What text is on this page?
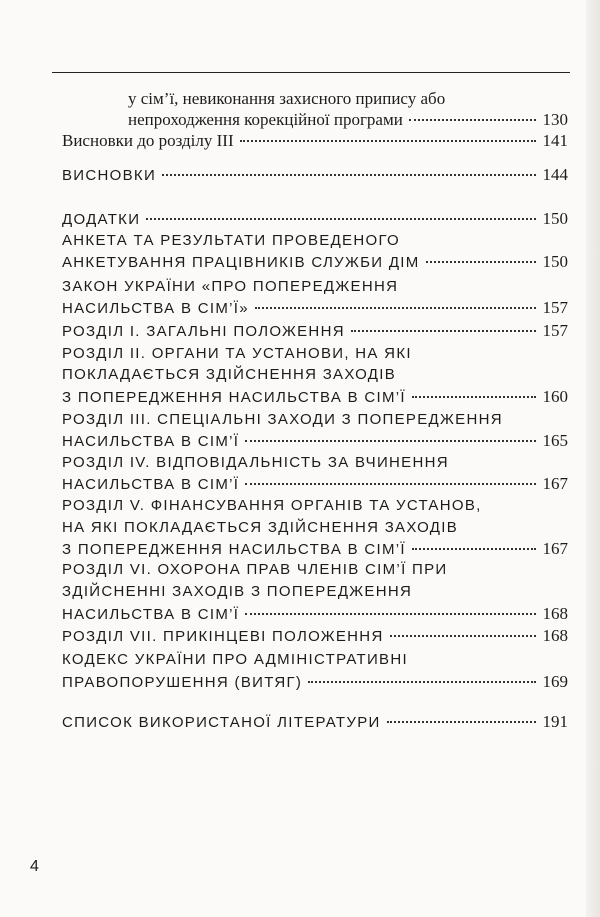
у сім’ї, невиконання захисного припису або
непроходження корекційної програми	130
Висновки до розділу ІІІ	141
ВИСНОВКИ	144
ДОДАТКИ	150
АНКЕТА ТА РЕЗУЛЬТАТИ ПРОВЕДЕНОГО
АНКЕТУВАННЯ ПРАЦІВНИКІВ СЛУЖБИ ДІМ	150
ЗАКОН УКРАЇНИ «ПРО ПОПЕРЕДЖЕННЯ
НАСИЛЬСТВА В СІМ’Ї»	157
РОЗДІЛ І. ЗАГАЛЬНІ ПОЛОЖЕННЯ	157
РОЗДІЛ ІІ. ОРГАНИ ТА УСТАНОВИ, НА ЯКІ
ПОКЛАДАЄТЬСЯ ЗДІЙСНЕННЯ ЗАХОДІВ
З ПОПЕРЕДЖЕННЯ НАСИЛЬСТВА В СІМ’Ї	160
РОЗДІЛ ІІІ. СПЕЦІАЛЬНІ ЗАХОДИ З ПОПЕРЕДЖЕННЯ
НАСИЛЬСТВА В СІМ’Ї	165
РОЗДІЛ IV. ВІДПОВІДАЛЬНІСТЬ ЗА ВЧИНЕННЯ
НАСИЛЬСТВА В СІМ’Ї	167
РОЗДІЛ V. ФІНАНСУВАННЯ ОРГАНІВ ТА УСТАНОВ,
НА ЯКІ ПОКЛАДАЄТЬСЯ ЗДІЙСНЕННЯ ЗАХОДІВ
З ПОПЕРЕДЖЕННЯ НАСИЛЬСТВА В СІМ’Ї	167
РОЗДІЛ VI. ОХОРОНА ПРАВ ЧЛЕНІВ СІМ’Ї ПРИ
ЗДІЙСНЕННІ ЗАХОДІВ З ПОПЕРЕДЖЕННЯ
НАСИЛЬСТВА В СІМ’Ї	168
РОЗДІЛ VII. ПРИКІНЦЕВІ ПОЛОЖЕННЯ	168
КОДЕКС УКРАЇНИ ПРО АДМІНІСТРАТИВНІ
ПРАВОПОРУШЕННЯ (ВИТЯГ)	169
СПИСОК ВИКОРИСТАНОЇ ЛІТЕРАТУРИ	191
4
